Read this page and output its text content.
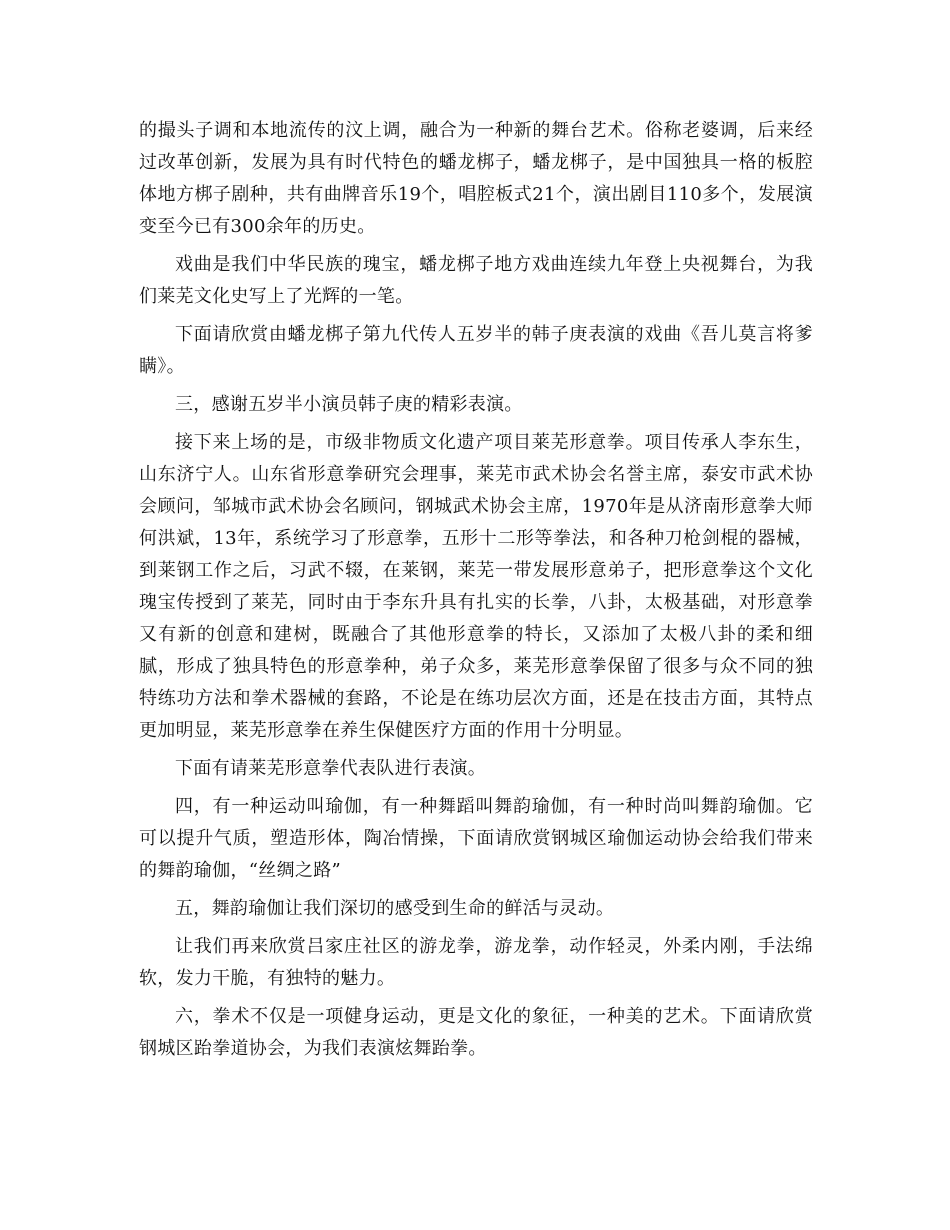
的撮头子调和本地流传的汶上调，融合为一种新的舞台艺术。俗称老婆调，后来经过改革创新，发展为具有时代特色的蟠龙梆子，蟠龙梆子，是中国独具一格的板腔体地方梆子剧种，共有曲牌音乐19个，唱腔板式21个，演出剧目110多个，发展演变至今已有300余年的历史。

戏曲是我们中华民族的瑰宝，蟠龙梆子地方戏曲连续九年登上央视舞台，为我们莱芜文化史写上了光辉的一笔。

下面请欣赏由蟠龙梆子第九代传人五岁半的韩子庚表演的戏曲《吾儿莫言将爹瞒》。

三，感谢五岁半小演员韩子庚的精彩表演。

接下来上场的是，市级非物质文化遗产项目莱芜形意拳。项目传承人李东生，山东济宁人。山东省形意拳研究会理事，莱芜市武术协会名誉主席，泰安市武术协会顾问，邹城市武术协会名顾问，钢城武术协会主席，1970年是从济南形意拳大师何洪斌，13年，系统学习了形意拳，五形十二形等拳法，和各种刀枪剑棍的器械，到莱钢工作之后，习武不辍，在莱钢，莱芜一带发展形意弟子，把形意拳这个文化瑰宝传授到了莱芜，同时由于李东升具有扎实的长拳，八卦，太极基础，对形意拳又有新的创意和建树，既融合了其他形意拳的特长，又添加了太极八卦的柔和细腻，形成了独具特色的形意拳种，弟子众多，莱芜形意拳保留了很多与众不同的独特练功方法和拳术器械的套路，不论是在练功层次方面，还是在技击方面，其特点更加明显，莱芜形意拳在养生保健医疗方面的作用十分明显。

下面有请莱芜形意拳代表队进行表演。

四，有一种运动叫瑜伽，有一种舞蹈叫舞韵瑜伽，有一种时尚叫舞韵瑜伽。它可以提升气质，塑造形体，陶冶情操，下面请欣赏钢城区瑜伽运动协会给我们带来的舞韵瑜伽，“丝绸之路”

五，舞韵瑜伽让我们深切的感受到生命的鲜活与灵动。

让我们再来欣赏吕家庄社区的游龙拳，游龙拳，动作轻灵，外柔内刚，手法绵软，发力干脆，有独特的魅力。

六，拳术不仅是一项健身运动，更是文化的象征，一种美的艺术。下面请欣赏钢城区跆拳道协会，为我们表演炫舞跆拳。
